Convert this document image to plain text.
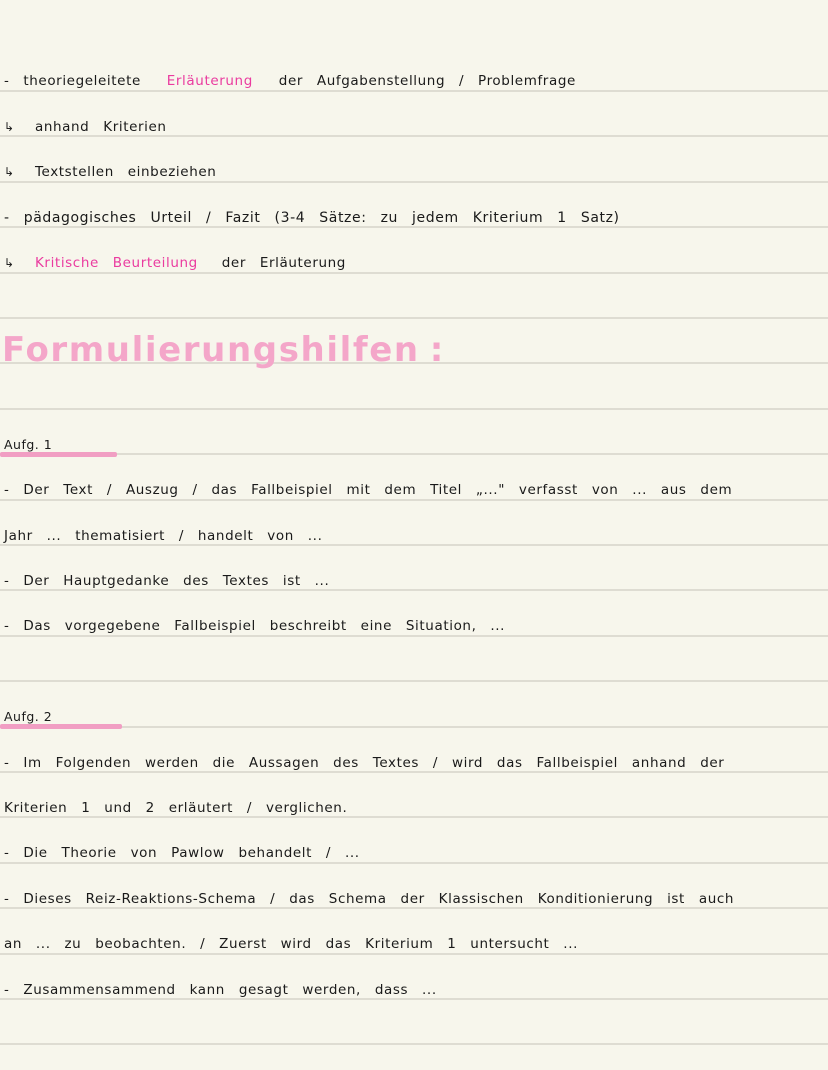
- theoriegeleitete Erläuterung der Aufgabenstellung / Problemfrage
↳ anhand Kriterien
↳ Textstellen einbeziehen
- pädagogisches Urteil / Fazit (3-4 Sätze: zu jedem Kriterium 1 Satz)
↳ Kritische Beurteilung der Erläuterung
Formulierungshilfen :
Aufg. 1
- Der Text / Auszug / das Fallbeispiel mit dem Titel „..." verfasst von ... aus dem
Jahr ... thematisiert / handelt von ...
- Der Hauptgedanke des Textes ist ...
- Das vorgegebene Fallbeispiel beschreibt eine Situation, ...
Aufg. 2
- Im Folgenden werden die Aussagen des Textes / wird das Fallbeispiel anhand der
Kriterien 1 und 2 erläutert / verglichen.
- Die Theorie von Pawlow behandelt / ...
- Dieses Reiz-Reaktions-Schema / das Schema der Klassischen Konditionierung ist auch
an ... zu beobachten. / Zuerst wird das Kriterium 1 untersucht ...
- Zusammensammend kann gesagt werden, dass ...
